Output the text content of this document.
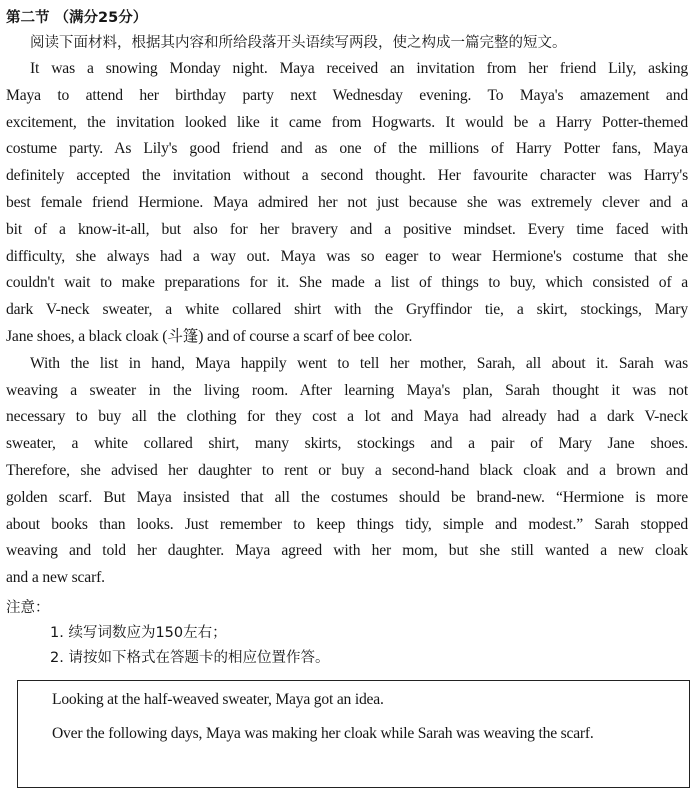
第二节 （满分25分）
阅读下面材料，根据其内容和所给段落开头语续写两段，使之构成一篇完整的短文。
It was a snowing Monday night. Maya received an invitation from her friend Lily, asking
Maya to attend her birthday party next Wednesday evening. To Maya's amazement and
excitement, the invitation looked like it came from Hogwarts. It would be a Harry Potter-themed
costume party. As Lily's good friend and as one of the millions of Harry Potter fans, Maya
definitely accepted the invitation without a second thought. Her favourite character was Harry's
best female friend Hermione. Maya admired her not just because she was extremely clever and a
bit of a know-it-all, but also for her bravery and a positive mindset. Every time faced with
difficulty, she always had a way out. Maya was so eager to wear Hermione's costume that she
couldn't wait to make preparations for it. She made a list of things to buy, which consisted of a
dark V-neck sweater, a white collared shirt with the Gryffindor tie, a skirt, stockings, Mary
Jane shoes, a black cloak (斗篷) and of course a scarf of bee color.
With the list in hand, Maya happily went to tell her mother, Sarah, all about it. Sarah was
weaving a sweater in the living room. After learning Maya's plan, Sarah thought it was not
necessary to buy all the clothing for they cost a lot and Maya had already had a dark V-neck
sweater, a white collared shirt, many skirts, stockings and a pair of Mary Jane shoes.
Therefore, she advised her daughter to rent or buy a second-hand black cloak and a brown and
golden scarf. But Maya insisted that all the costumes should be brand-new. “Hermione is more
about books than looks. Just remember to keep things tidy, simple and modest.” Sarah stopped
weaving and told her daughter. Maya agreed with her mom, but she still wanted a new cloak
and a new scarf.
注意：
1. 续写词数应为150左右；
2. 请按如下格式在答题卡的相应位置作答。
Looking at the half-weaved sweater, Maya got an idea.
Over the following days, Maya was making her cloak while Sarah was weaving the scarf.
